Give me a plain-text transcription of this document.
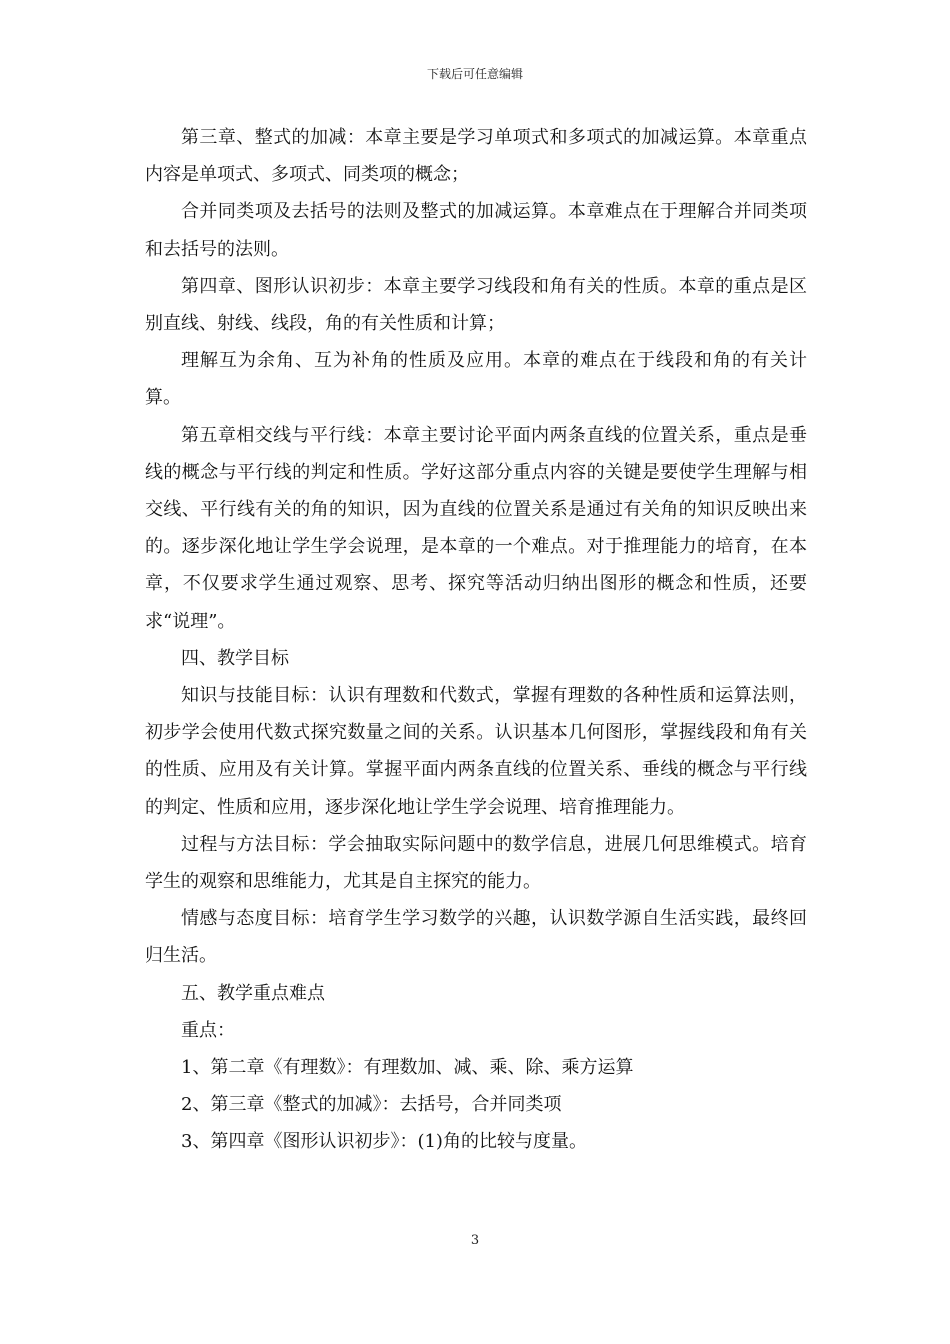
下载后可任意编辑

第三章、整式的加减：本章主要是学习单项式和多项式的加减运算。本章重点内容是单项式、多项式、同类项的概念；

合并同类项及去括号的法则及整式的加减运算。本章难点在于理解合并同类项和去括号的法则。

第四章、图形认识初步：本章主要学习线段和角有关的性质。本章的重点是区别直线、射线、线段，角的有关性质和计算；

理解互为余角、互为补角的性质及应用。本章的难点在于线段和角的有关计算。

第五章相交线与平行线：本章主要讨论平面内两条直线的位置关系，重点是垂线的概念与平行线的判定和性质。学好这部分重点内容的关键是要使学生理解与相交线、平行线有关的角的知识，因为直线的位置关系是通过有关角的知识反映出来的。逐步深化地让学生学会说理，是本章的一个难点。对于推理能力的培育，在本章，不仅要求学生通过观察、思考、探究等活动归纳出图形的概念和性质，还要求“说理”。

四、教学目标

知识与技能目标：认识有理数和代数式，掌握有理数的各种性质和运算法则，初步学会使用代数式探究数量之间的关系。认识基本几何图形，掌握线段和角有关的性质、应用及有关计算。掌握平面内两条直线的位置关系、垂线的概念与平行线的判定、性质和应用，逐步深化地让学生学会说理、培育推理能力。

过程与方法目标：学会抽取实际问题中的数学信息，进展几何思维模式。培育学生的观察和思维能力，尤其是自主探究的能力。

情感与态度目标：培育学生学习数学的兴趣，认识数学源自生活实践，最终回归生活。

五、教学重点难点

重点：

1、第二章《有理数》：有理数加、减、乘、除、乘方运算

2、第三章《整式的加减》：去括号，合并同类项

3、第四章《图形认识初步》：(1)角的比较与度量。

3
